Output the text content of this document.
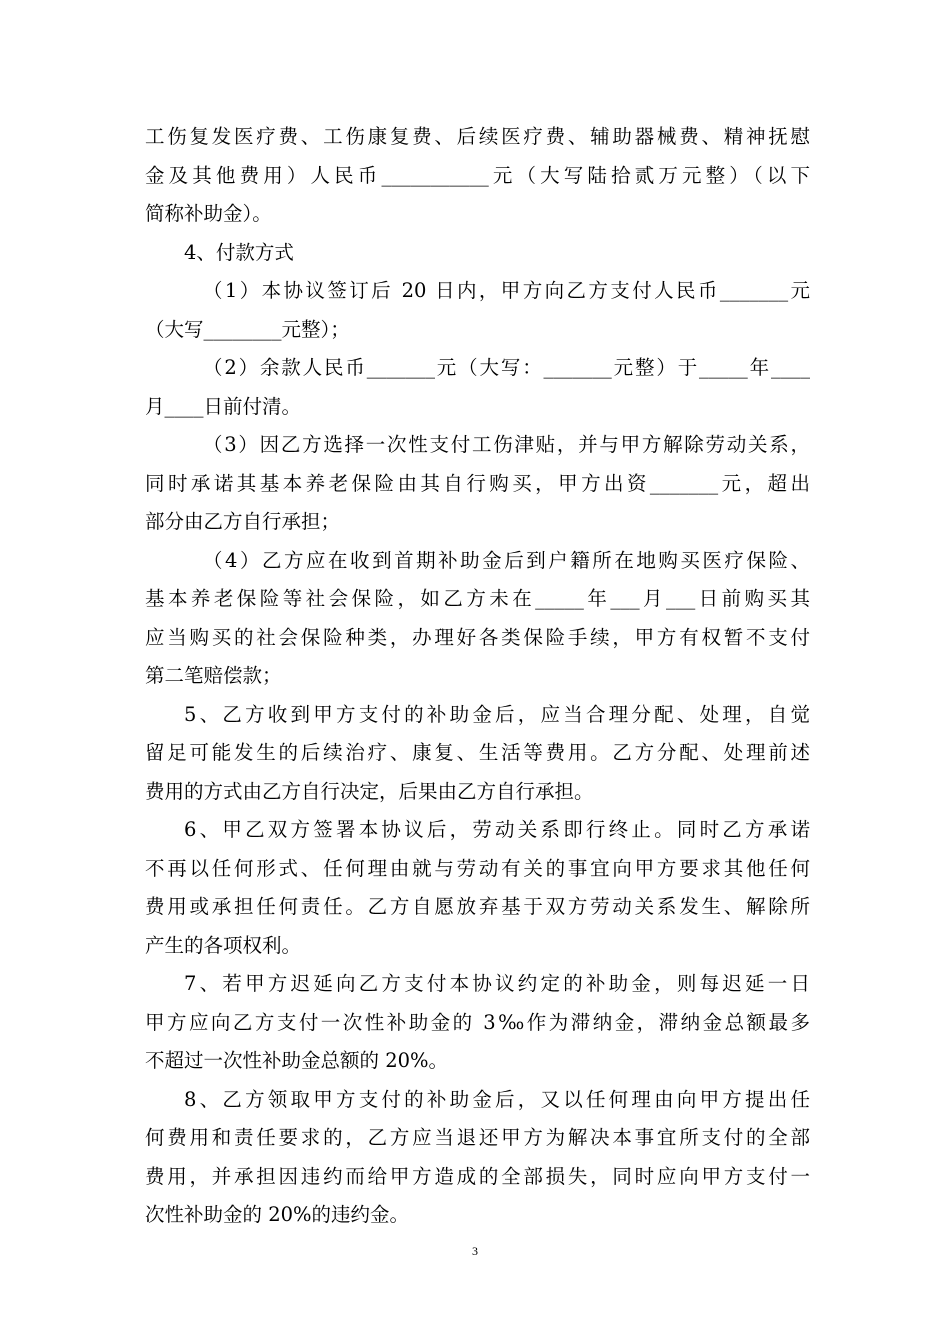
工伤复发医疗费、工伤康复费、后续医疗费、辅助器械费、精神抚慰
金及其他费用）人民币___________元（大写陆拾贰万元整）（以下
简称补助金）。
4、付款方式
（1）本协议签订后 20 日内，甲方向乙方支付人民币_______元
（大写________元整）；
（2）余款人民币_______元（大写：_______元整）于_____年____
月____日前付清。
（3）因乙方选择一次性支付工伤津贴，并与甲方解除劳动关系，
同时承诺其基本养老保险由其自行购买，甲方出资_______元，超出
部分由乙方自行承担；
（4）乙方应在收到首期补助金后到户籍所在地购买医疗保险、
基本养老保险等社会保险，如乙方未在_____年___月___日前购买其
应当购买的社会保险种类，办理好各类保险手续，甲方有权暂不支付
第二笔赔偿款；
5、乙方收到甲方支付的补助金后，应当合理分配、处理，自觉
留足可能发生的后续治疗、康复、生活等费用。乙方分配、处理前述
费用的方式由乙方自行决定，后果由乙方自行承担。
6、甲乙双方签署本协议后，劳动关系即行终止。同时乙方承诺
不再以任何形式、任何理由就与劳动有关的事宜向甲方要求其他任何
费用或承担任何责任。乙方自愿放弃基于双方劳动关系发生、解除所
产生的各项权利。
7、若甲方迟延向乙方支付本协议约定的补助金，则每迟延一日
甲方应向乙方支付一次性补助金的 3‰作为滞纳金，滞纳金总额最多
不超过一次性补助金总额的 20%。
8、乙方领取甲方支付的补助金后，又以任何理由向甲方提出任
何费用和责任要求的，乙方应当退还甲方为解决本事宜所支付的全部
费用，并承担因违约而给甲方造成的全部损失，同时应向甲方支付一
次性补助金的 20%的违约金。
3
